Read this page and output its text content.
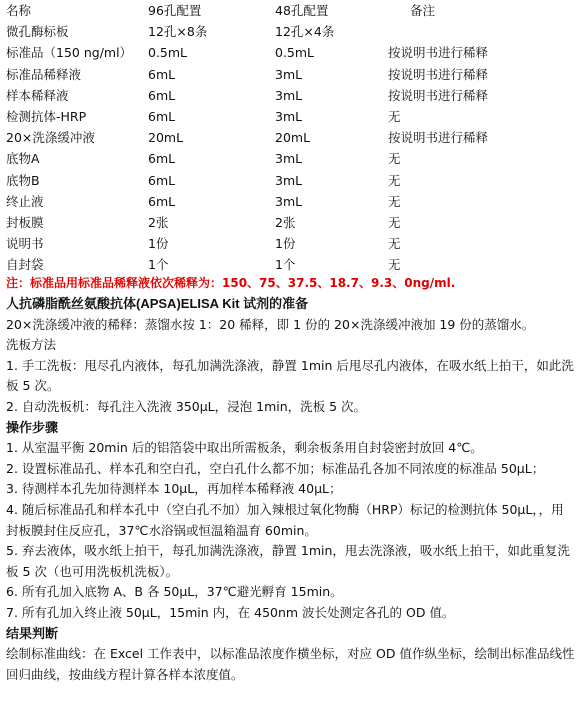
名称	96孔配置	48孔配置	备注
微孔酶标板	12孔×8条	12孔×4条
标准品（150 ng/ml） 0.5mL	0.5mL	按说明书进行稀释
标准品稀释液	6mL	3mL	按说明书进行稀释
样本稀释液	6mL	3mL	按说明书进行稀释
检测抗体-HRP	6mL	3mL	无
20×洗涤缓冲液	20mL	20mL	按说明书进行稀释
底物A	6mL	3mL	无
底物B	6mL	3mL	无
终止液	6mL	3mL	无
封板膜	2张	2张	无
说明书	1份	1份	无
自封袋	1个	1个	无
注：标准品用标准品稀释液依次稀释为：150、75、37.5、18.7、9.3、0ng/ml.

人抗磷脂酰丝氨酸抗体(APSA)ELISA Kit 试剂的准备

20×洗涤缓冲液的稀释：蒸馏水按 1：20 稀释，即 1 份的 20×洗涤缓冲液加 19 份的蒸馏水。

洗板方法

1. 手工洗板：甩尽孔内液体，每孔加满洗涤液，静置 1min 后甩尽孔内液体，在吸水纸上拍干，如此洗板 5 次。

2. 自动洗板机：每孔注入洗液 350μL，浸泡 1min，洗板 5 次。

操作步骤

1. 从室温平衡 20min 后的铝箔袋中取出所需板条，剩余板条用自封袋密封放回 4℃。

2. 设置标准品孔、样本孔和空白孔，空白孔什么都不加；标准品孔各加不同浓度的标准品 50μL；

3. 待测样本孔先加待测样本 10μL，再加样本稀释液 40μL；

4. 随后标准品孔和样本孔中（空白孔不加）加入辣根过氧化物酶（HRP）标记的检测抗体 50μL，，用封板膜封住反应孔，37℃水浴锅或恒温箱温育 60min。

5. 弃去液体，吸水纸上拍干，每孔加满洗涤液，静置 1min，甩去洗涤液，吸水纸上拍干，如此重复洗板 5 次（也可用洗板机洗板）。

6. 所有孔加入底物 A、B 各 50μL，37℃避光孵育 15min。

7. 所有孔加入终止液 50μL，15min 内，在 450nm 波长处测定各孔的 OD 值。

结果判断

绘制标准曲线：在 Excel 工作表中，以标准品浓度作横坐标，对应 OD 值作纵坐标，绘制出标准品线性回归曲线，按曲线方程计算各样本浓度值。
